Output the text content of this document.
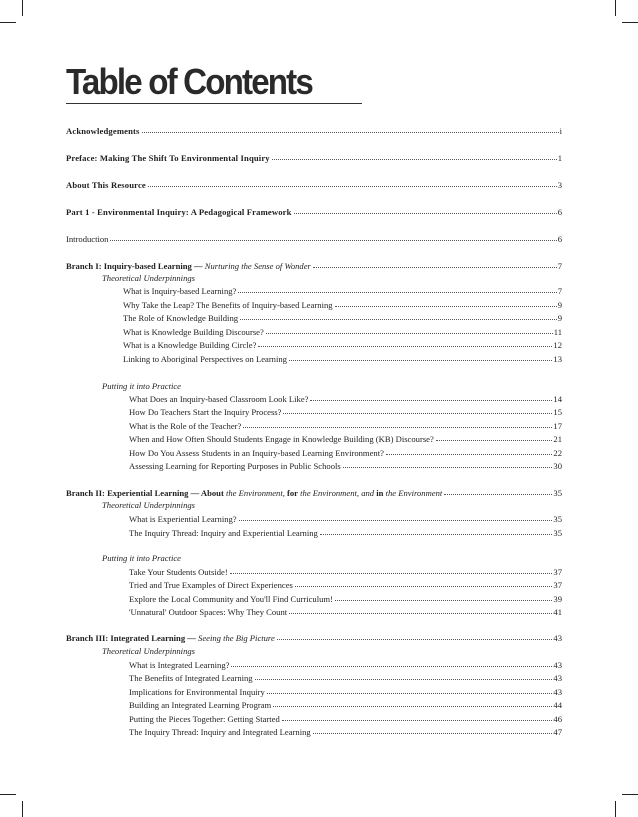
Table of Contents
Acknowledgements	i
Preface: Making The Shift To Environmental Inquiry	1
About This Resource	3
Part 1 - Environmental Inquiry: A Pedagogical Framework	6
Introduction	6
Branch I: Inquiry-based Learning — Nurturing the Sense of Wonder	7
Theoretical Underpinnings
What is Inquiry-based Learning?	7
Why Take the Leap? The Benefits of Inquiry-based Learning	9
The Role of Knowledge Building	9
What is Knowledge Building Discourse?	11
What is a Knowledge Building Circle?	12
Linking to Aboriginal Perspectives on Learning	13
Putting it into Practice
What Does an Inquiry-based Classroom Look Like?	14
How Do Teachers Start the Inquiry Process?	15
What is the Role of the Teacher?	17
When and How Often Should Students Engage in Knowledge Building (KB) Discourse?	21
How Do You Assess Students in an Inquiry-based Learning Environment?	22
Assessing Learning for Reporting Purposes in Public Schools	30
Branch II: Experiential Learning — About the Environment, for the Environment, and in the Environment	35
Theoretical Underpinnings
What is Experiential Learning?	35
The Inquiry Thread: Inquiry and Experiential Learning	35
Putting it into Practice
Take Your Students Outside!	37
Tried and True Examples of Direct Experiences	37
Explore the Local Community and You'll Find Curriculum!	39
'Unnatural' Outdoor Spaces: Why They Count	41
Branch III: Integrated Learning — Seeing the Big Picture	43
Theoretical Underpinnings
What is Integrated Learning?	43
The Benefits of Integrated Learning	43
Implications for Environmental Inquiry	43
Building an Integrated Learning Program	44
Putting the Pieces Together: Getting Started	46
The Inquiry Thread: Inquiry and Integrated Learning	47
